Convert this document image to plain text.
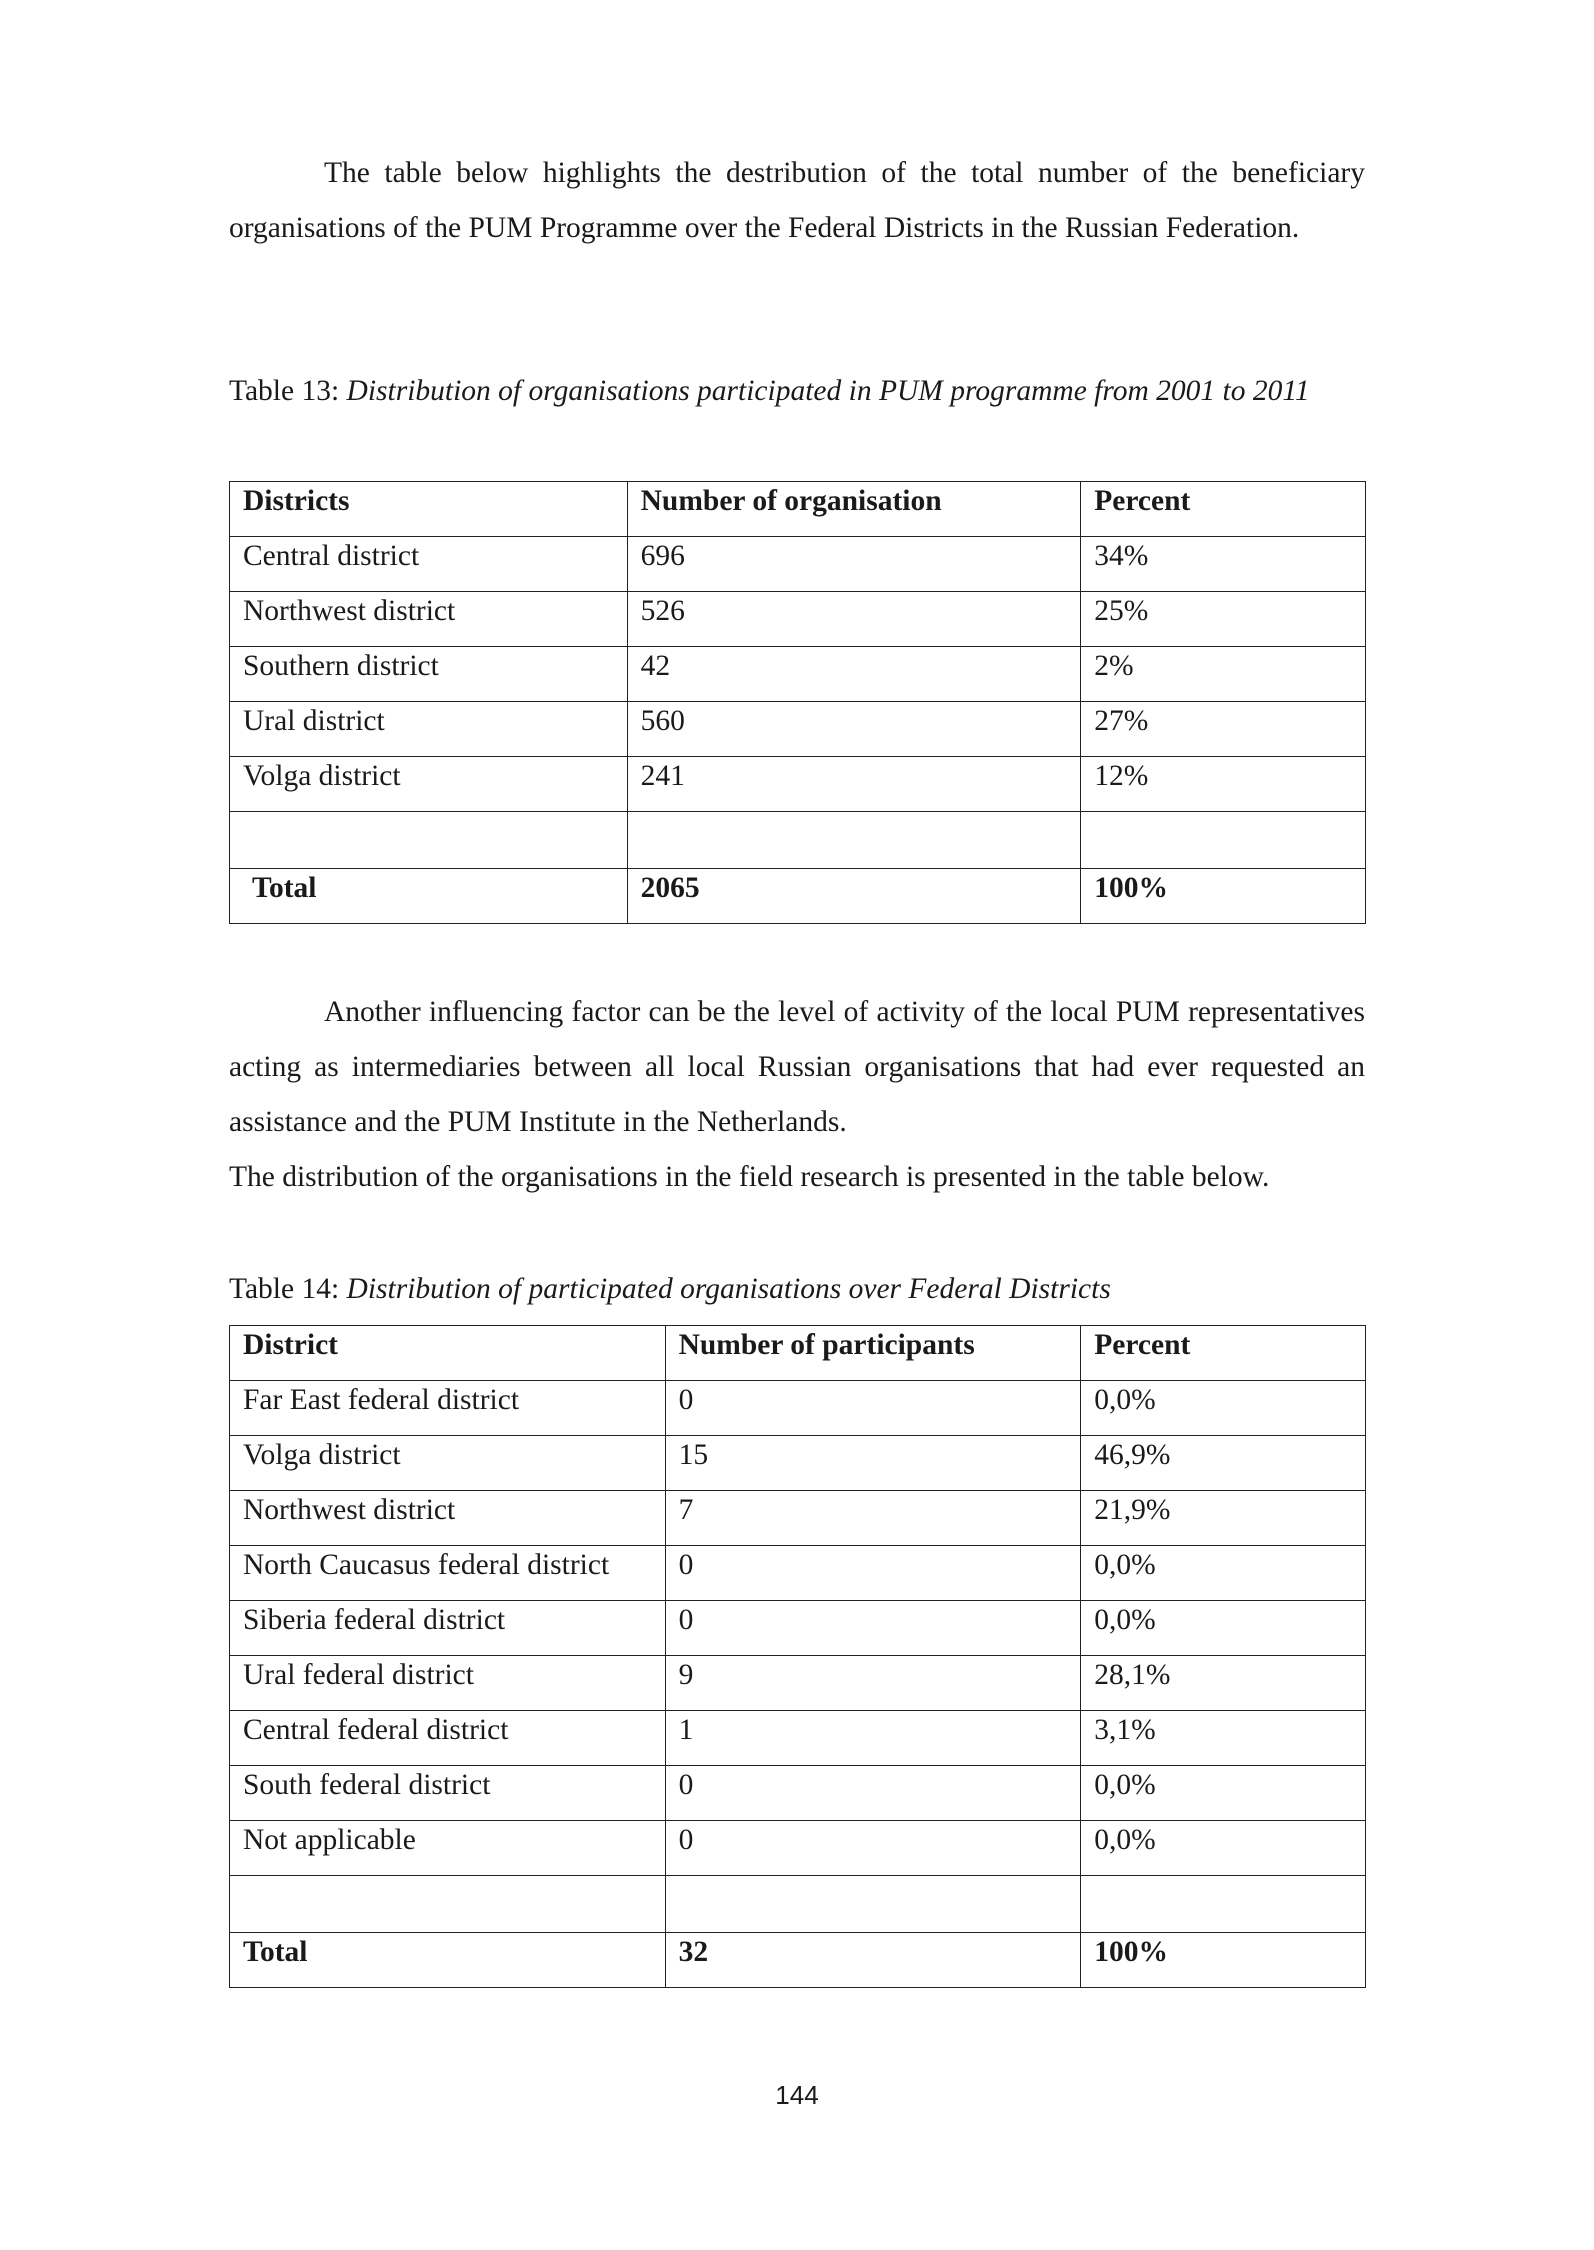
The table below highlights the destribution of the total number of the beneficiary organisations of the PUM Programme over the Federal Districts in the Russian Federation.

Table 13: Distribution of organisations participated in PUM programme from 2001 to 2011
Districts	Number of organisation	Percent
Central district	696	34%
Northwest district	526	25%
Southern district	42	2%
Ural district	560	27%
Volga district	241	12%

Total	2065	100%

Another influencing factor can be the level of activity of the local PUM representatives acting as intermediaries between all local Russian organisations that had ever requested an assistance and the PUM Institute in the Netherlands.

The distribution of the organisations in the field research is presented in the table below.

Table 14: Distribution of participated organisations over Federal Districts
District	Number of participants	Percent
Far East federal district	0	0,0%
Volga district	15	46,9%
Northwest district	7	21,9%
North Caucasus federal district	0	0,0%
Siberia federal district	0	0,0%
Ural federal district	9	28,1%
Central federal district	1	3,1%
South federal district	0	0,0%
Not applicable	0	0,0%

Total	32	100%
144
